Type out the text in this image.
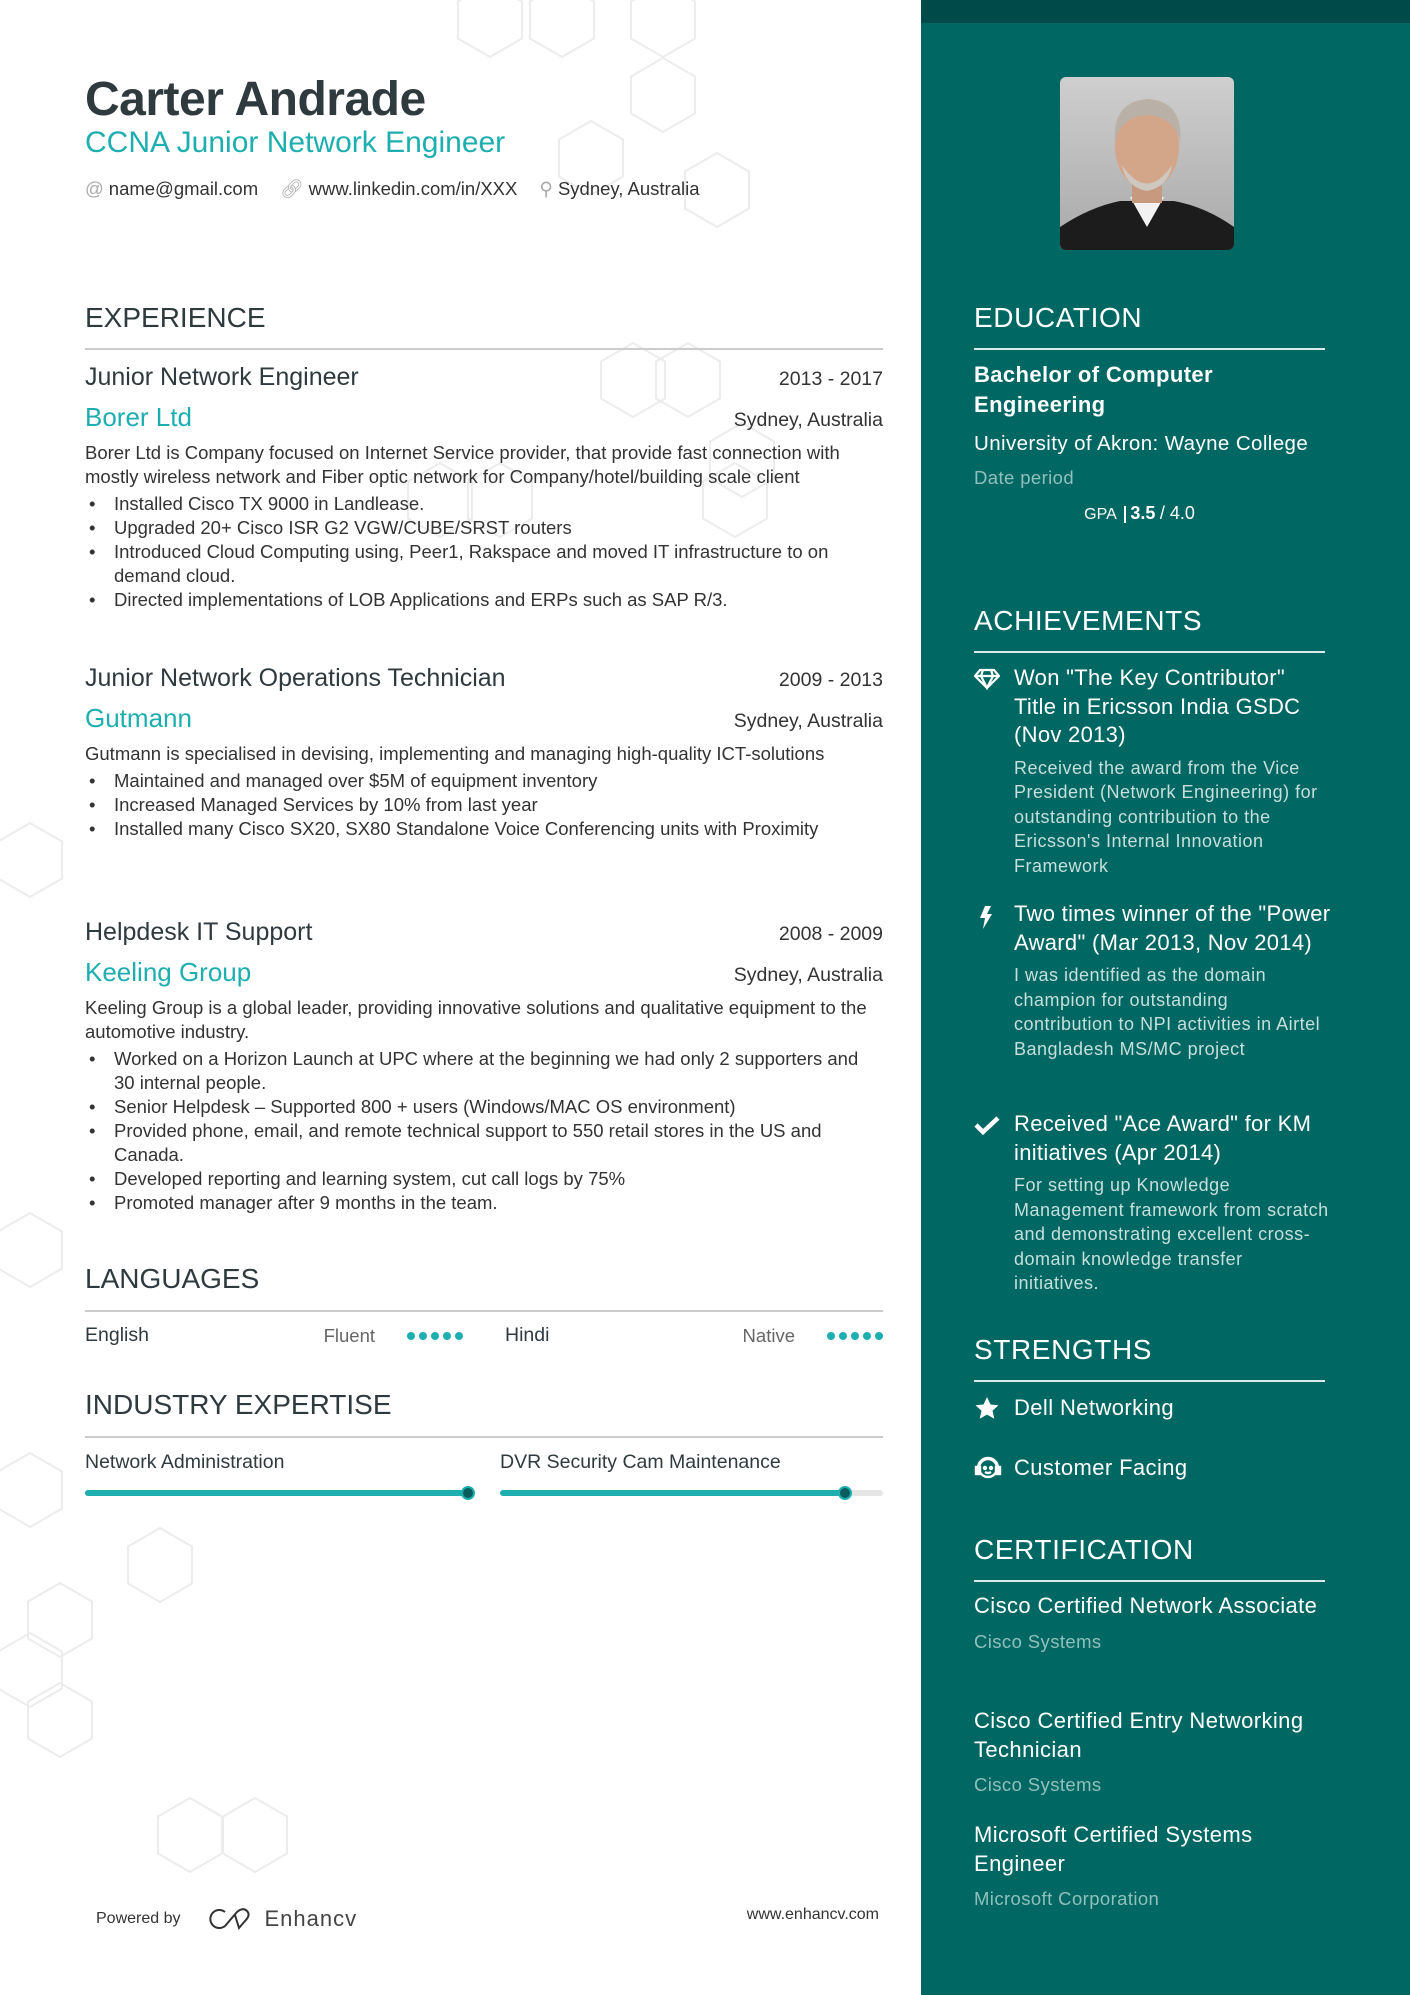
Carter Andrade
CCNA Junior Network Engineer
@ name@gmail.com 🔗︎ www.linkedin.com/in/XXX ⚲ Sydney, Australia
EXPERIENCE
Junior Network Engineer	2013 - 2017
Borer Ltd	Sydney, Australia
Borer Ltd is Company focused on Internet Service provider, that provide fast connection with mostly wireless network and Fiber optic network for Company/hotel/building scale client
• Installed Cisco TX 9000 in Landlease.
• Upgraded 20+ Cisco ISR G2 VGW/CUBE/SRST routers
• Introduced Cloud Computing using, Peer1, Rakspace and moved IT infrastructure to on demand cloud.
• Directed implementations of LOB Applications and ERPs such as SAP R/3.
Junior Network Operations Technician	2009 - 2013
Gutmann	Sydney, Australia
Gutmann is specialised in devising, implementing and managing high-quality ICT-solutions
• Maintained and managed over $5M of equipment inventory
• Increased Managed Services by 10% from last year
• Installed many Cisco SX20, SX80 Standalone Voice Conferencing units with Proximity
Helpdesk IT Support	2008 - 2009
Keeling Group	Sydney, Australia
Keeling Group is a global leader, providing innovative solutions and qualitative equipment to the automotive industry.
• Worked on a Horizon Launch at UPC where at the beginning we had only 2 supporters and 30 internal people.
• Senior Helpdesk – Supported 800 + users (Windows/MAC OS environment)
• Provided phone, email, and remote technical support to 550 retail stores in the US and Canada.
• Developed reporting and learning system, cut call logs by 75%
• Promoted manager after 9 months in the team.
LANGUAGES
English	Fluent	Hindi	Native
INDUSTRY EXPERTISE
Network Administration	DVR Security Cam Maintenance
Powered by	Enhancv	www.enhancv.com
EDUCATION
Bachelor of Computer Engineering
University of Akron: Wayne College
Date period
GPA 3.5 / 4.0
ACHIEVEMENTS
Won "The Key Contributor" Title in Ericsson India GSDC (Nov 2013)
Received the award from the Vice President (Network Engineering) for outstanding contribution to the Ericsson's Internal Innovation Framework
Two times winner of the "Power Award" (Mar 2013, Nov 2014)
I was identified as the domain champion for outstanding contribution to NPI activities in Airtel Bangladesh MS/MC project
Received "Ace Award" for KM initiatives (Apr 2014)
For setting up Knowledge Management framework from scratch and demonstrating excellent cross-domain knowledge transfer initiatives.
STRENGTHS
Dell Networking
Customer Facing
CERTIFICATION
Cisco Certified Network Associate
Cisco Systems
Cisco Certified Entry Networking Technician
Cisco Systems
Microsoft Certified Systems Engineer
Microsoft Corporation
